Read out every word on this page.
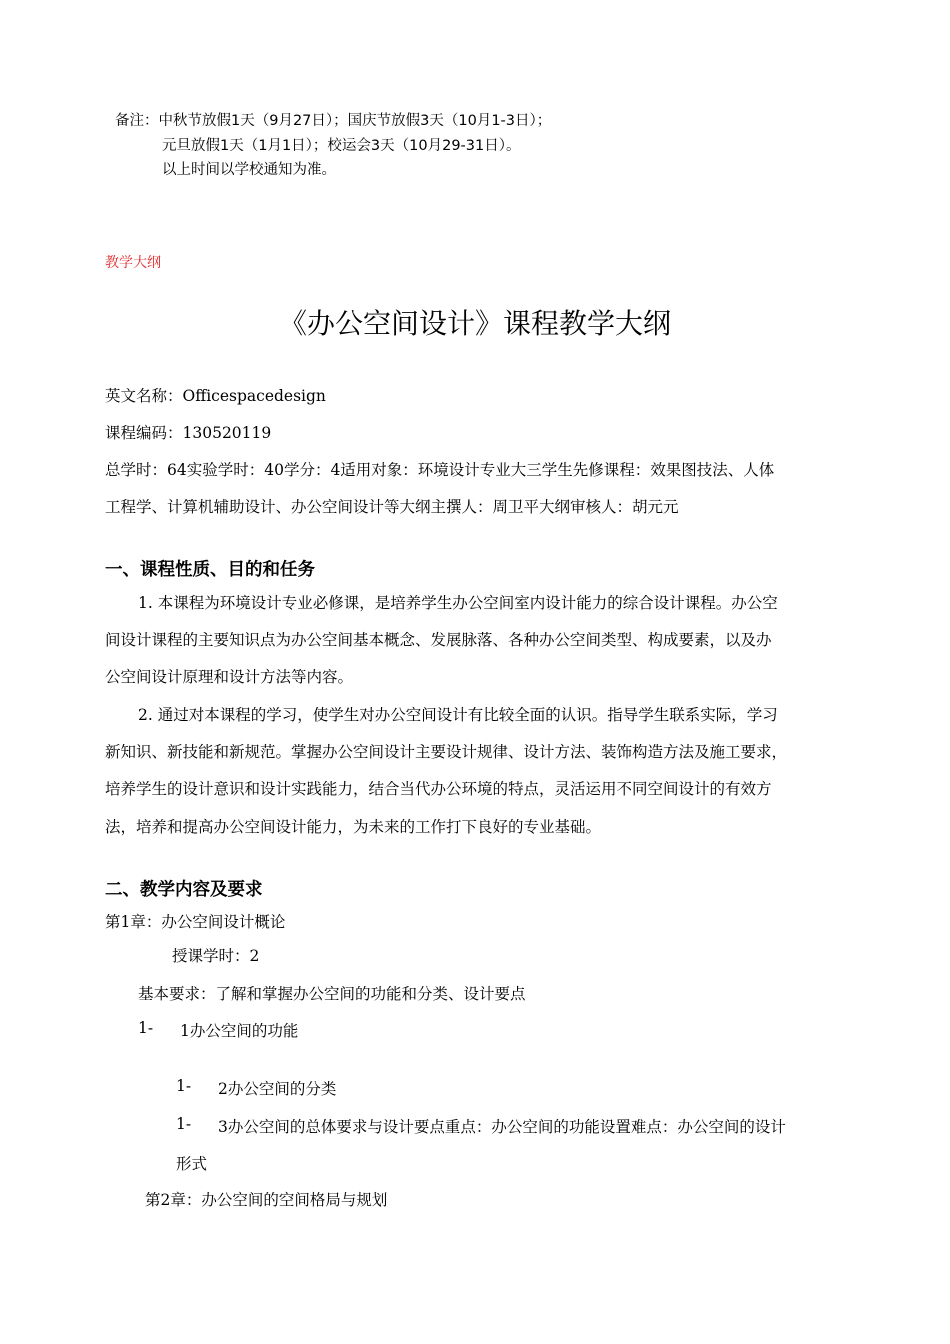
备注：中秋节放假1天（9月27日）；国庆节放假3天（10月1-3日）；
元旦放假1天（1月1日）；校运会3天（10月29-31日）。
以上时间以学校通知为准。
教学大纲
《办公空间设计》课程教学大纲
英文名称：Officespacedesign
课程编码：130520119
总学时：64实验学时：40学分：4适用对象：环境设计专业大三学生先修课程：效果图技法、人体
工程学、计算机辅助设计、办公空间设计等大纲主撰人：周卫平大纲审核人：胡元元
一、课程性质、目的和任务
1. 本课程为环境设计专业必修课，是培养学生办公空间室内设计能力的综合设计课程。办公空
间设计课程的主要知识点为办公空间基本概念、发展脉落、各种办公空间类型、构成要素，以及办
公空间设计原理和设计方法等内容。
2. 通过对本课程的学习，使学生对办公空间设计有比较全面的认识。指导学生联系实际，学习
新知识、新技能和新规范。掌握办公空间设计主要设计规律、设计方法、装饰构造方法及施工要求，
培养学生的设计意识和设计实践能力，结合当代办公环境的特点，灵活运用不同空间设计的有效方
法，培养和提高办公空间设计能力，为未来的工作打下良好的专业基础。
二、教学内容及要求
第1章：办公空间设计概论
授课学时：2
基本要求：了解和掌握办公空间的功能和分类、设计要点
1- 1办公空间的功能
1- 2办公空间的分类
1- 3办公空间的总体要求与设计要点重点：办公空间的功能设置难点：办公空间的设计
形式
第2章：办公空间的空间格局与规划
